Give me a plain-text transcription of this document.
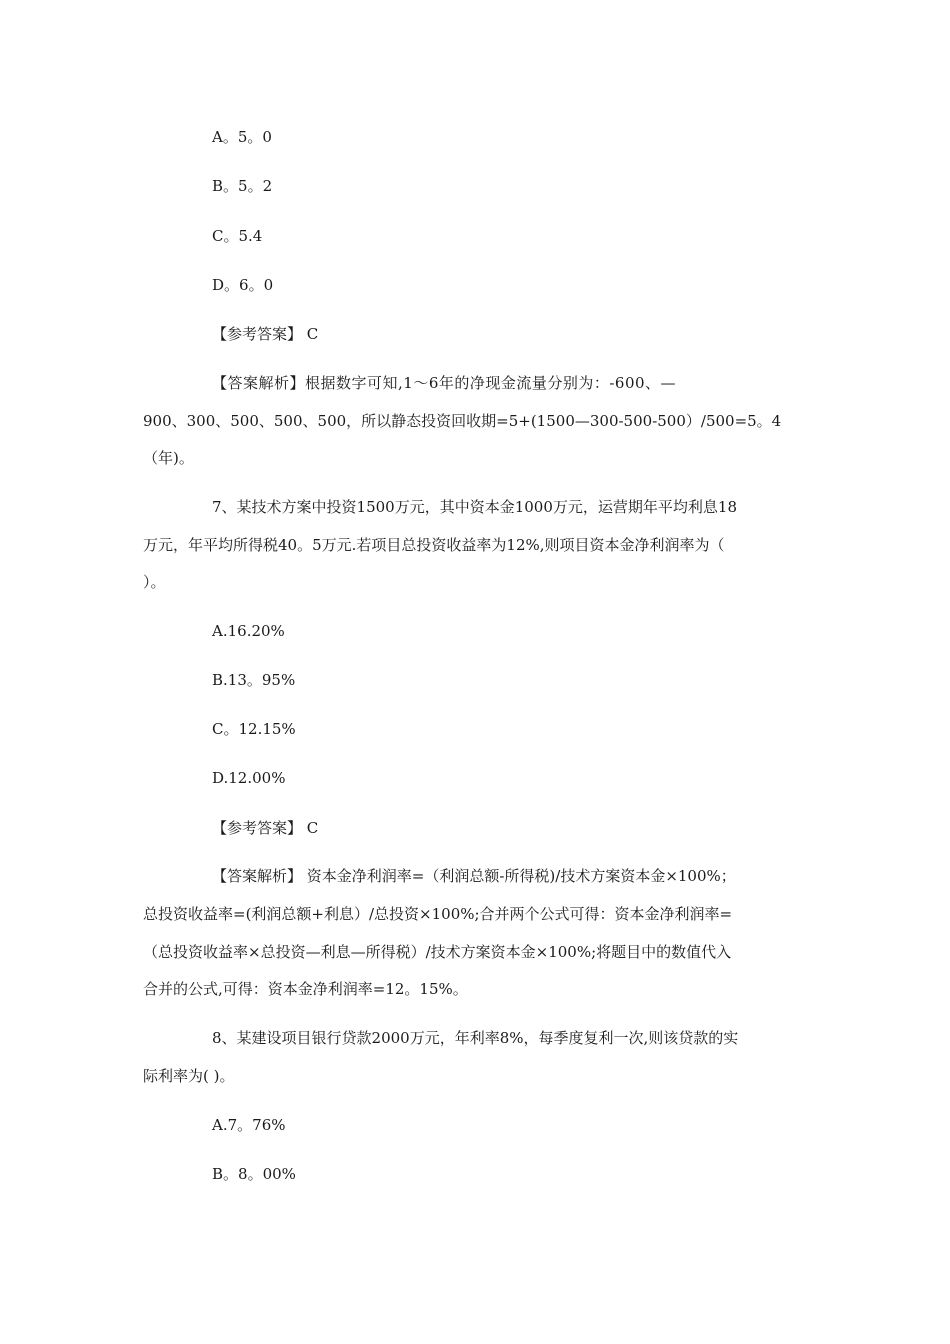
A。5。0
B。5。2
C。5.4
D。6。0
【参考答案】 C
【答案解析】根据数字可知,1～6年的净现金流量分别为：-600、—
900、300、500、500、500，所以静态投资回收期=5+(1500—300-500-500）/500=5。4
（年)。
7、某技术方案中投资1500万元，其中资本金1000万元，运营期年平均利息18
万元，年平均所得税40。5万元.若项目总投资收益率为12%,则项目资本金净利润率为（
）。
A.16.20%
B.13。95%
C。12.15%
D.12.00%
【参考答案】 C
【答案解析】 资本金净利润率=（利润总额-所得税)/技术方案资本金×100%；
总投资收益率=(利润总额+利息）/总投资×100%;合并两个公式可得：资本金净利润率=
（总投资收益率×总投资—利息—所得税）/技术方案资本金×100%;将题目中的数值代入
合并的公式,可得：资本金净利润率=12。15%。
8、某建设项目银行贷款2000万元，年利率8%，每季度复利一次,则该贷款的实
际利率为( )。
A.7。76%
B。8。00%
